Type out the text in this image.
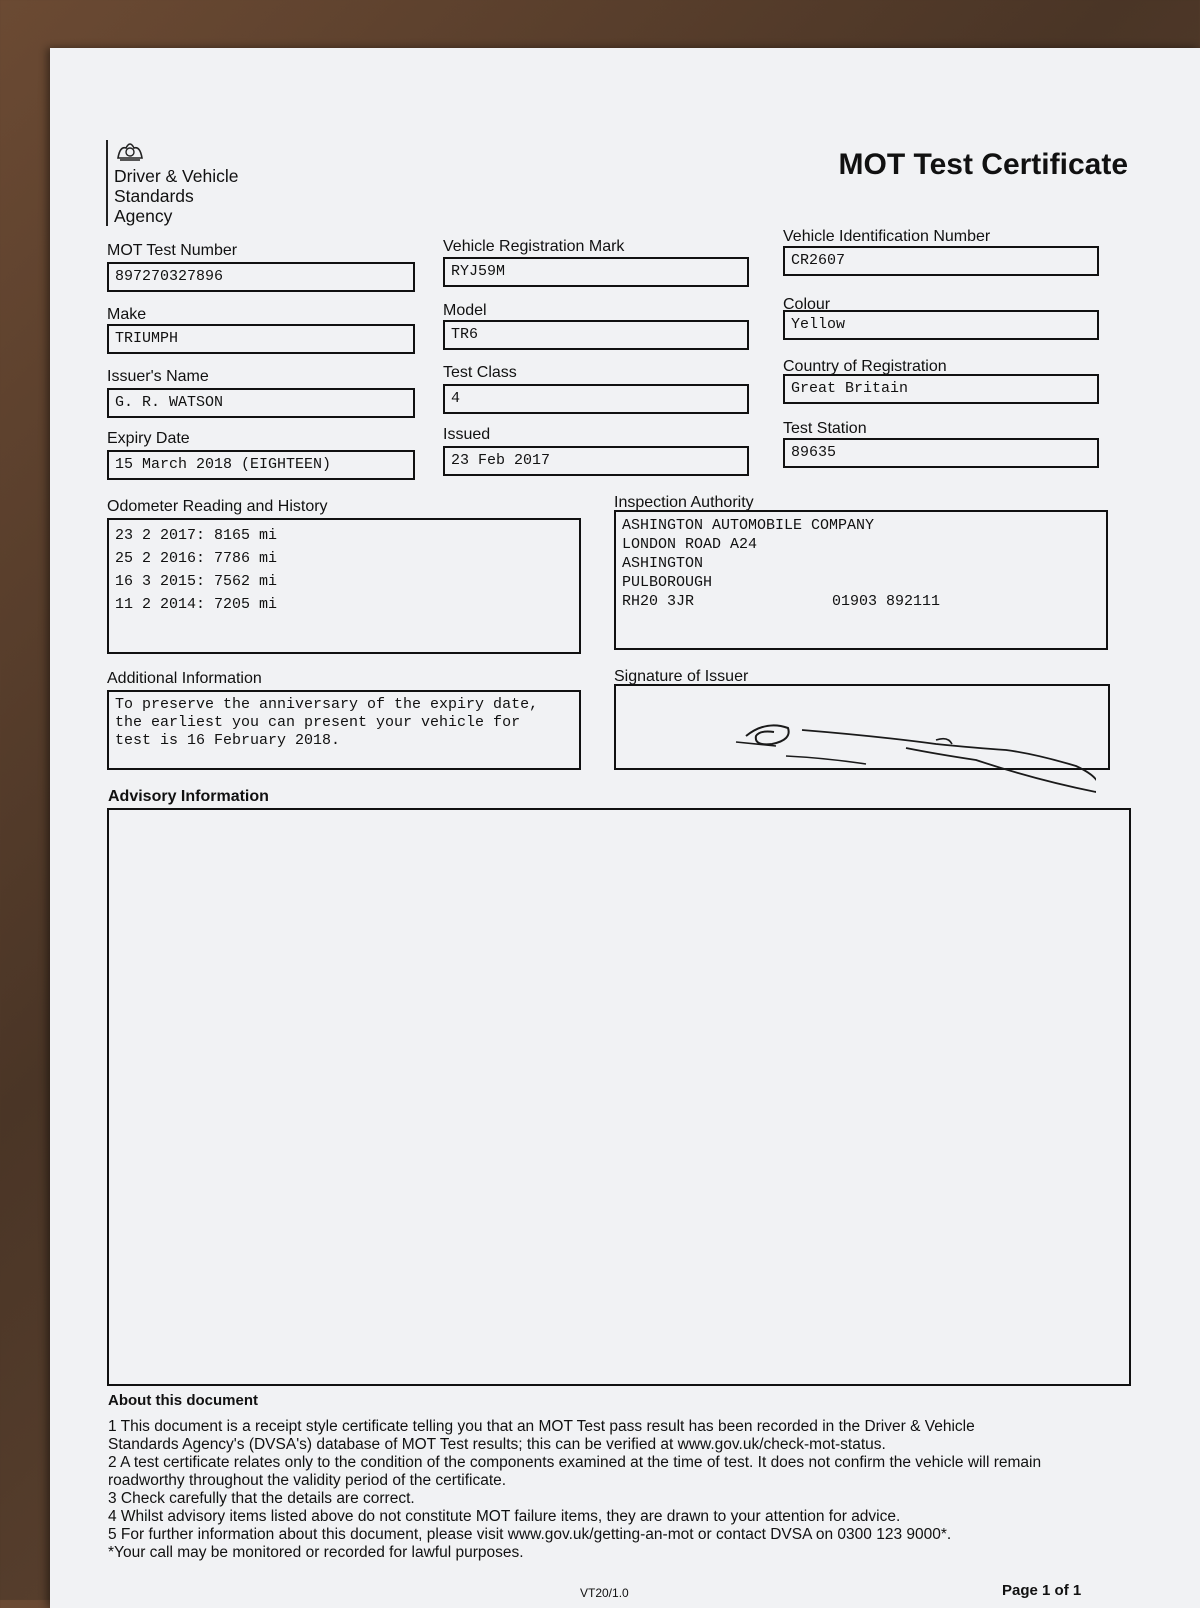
Driver & Vehicle
Standards
Agency
MOT Test Certificate
MOT Test Number
897270327896
Vehicle Registration Mark
RYJ59M
Vehicle Identification Number
CR2607
Make
TRIUMPH
Model
TR6
Colour
Yellow
Issuer's Name
G. R. WATSON
Test Class
4
Country of Registration
Great Britain
Expiry Date
15 March 2018 (EIGHTEEN)
Issued
23 Feb 2017
Test Station
89635
Odometer Reading and History
23 2 2017: 8165 mi
25 2 2016: 7786 mi
16 3 2015: 7562 mi
11 2 2014: 7205 mi
Inspection Authority
ASHINGTON AUTOMOBILE COMPANY
LONDON ROAD A24
ASHINGTON
PULBOROUGH
RH20 3JR	01903 892111
Additional Information
To preserve the anniversary of the expiry date,
the earliest you can present your vehicle for
test is 16 February 2018.
Signature of Issuer
Advisory Information
About this document
1 This document is a receipt style certificate telling you that an MOT Test pass result has been recorded in the Driver & Vehicle
Standards Agency's (DVSA's) database of MOT Test results; this can be verified at www.gov.uk/check-mot-status.
2 A test certificate relates only to the condition of the components examined at the time of test. It does not confirm the vehicle will remain
roadworthy throughout the validity period of the certificate.
3 Check carefully that the details are correct.
4 Whilst advisory items listed above do not constitute MOT failure items, they are drawn to your attention for advice.
5 For further information about this document, please visit www.gov.uk/getting-an-mot or contact DVSA on 0300 123 9000*.
*Your call may be monitored or recorded for lawful purposes.
VT20/1.0	Page 1 of 1
